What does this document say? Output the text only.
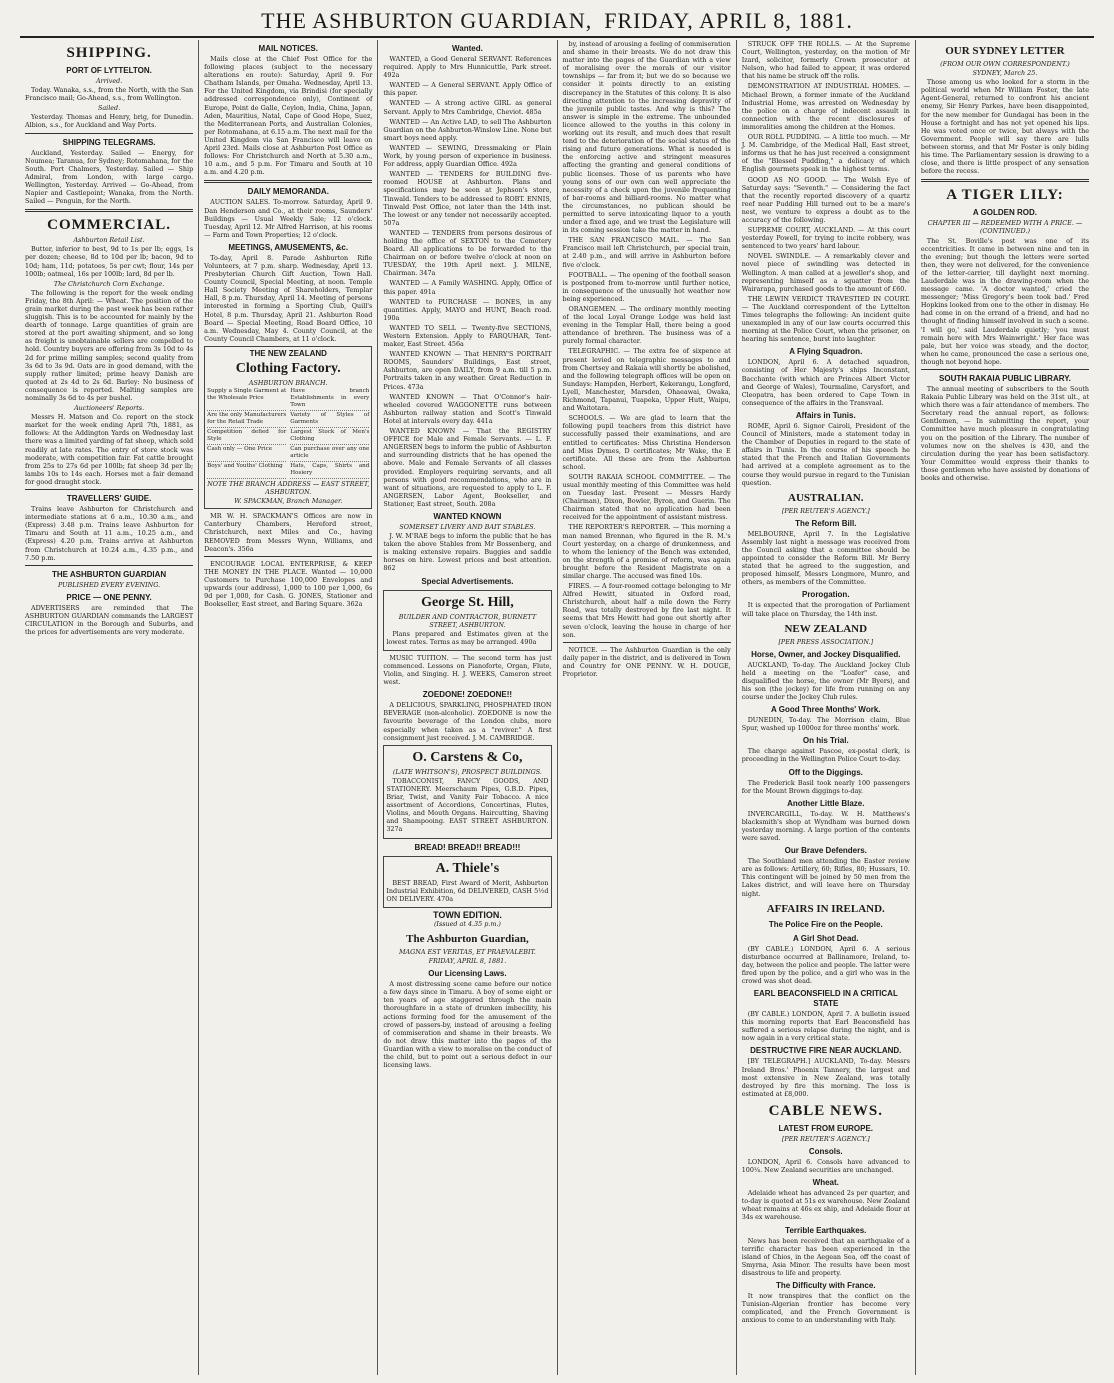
THE ASHBURTON GUARDIAN, FRIDAY, APRIL 8, 1881.
SHIPPING.
PORT OF LYTTELTON.
Arrived.

Today. Wanaka, s.s., from the North, with the San Francisco mail; Go-Ahead, s.s., from Wellington.

Sailed.

Yesterday. Thomas and Henry, brig, for Dunedin. Albion, s.s., for Auckland and Way Ports.

SHIPPING TELEGRAMS.

Auckland, Yesterday. Sailed — Energy, for Noumea; Taranua, for Sydney; Rotomahana, for the South. Port Chalmers, Yesterday. Sailed — Ship Admiral, from London, with large cargo. Wellington, Yesterday. Arrived — Go-Ahead, from Napier and Castlepoint; Wanaka, from the North. Sailed — Penguin, for the North.

COMMERCIAL.
Ashburton Retail List.

Butter, inferior to best, 9d to 1s per lb; eggs, 1s per dozen; cheese, 8d to 10d per lb; bacon, 9d to 10d; ham, 11d; potatoes, 5s per cwt; flour, 14s per 100lb; oatmeal, 16s per 100lb; lard, 8d per lb.

The Christchurch Corn Exchange.

The following is the report for the week ending Friday, the 8th April: — Wheat. The position of the grain market during the past week has been rather sluggish. This is to be accounted for mainly by the dearth of tonnage. Large quantities of grain are stored at the port awaiting shipment, and so long as freight is unobtainable sellers are compelled to hold. Country buyers are offering from 3s 10d to 4s 2d for prime milling samples; second quality from 3s 6d to 3s 9d. Oats are in good demand, with the supply rather limited; prime heavy Danish are quoted at 2s 4d to 2s 6d. Barley: No business of consequence is reported. Malting samples are nominally 3s 6d to 4s per bushel.

Auctioneers' Reports.

Messrs H. Matson and Co. report on the stock market for the week ending April 7th, 1881, as follows: At the Addington Yards on Wednesday last there was a limited yarding of fat sheep, which sold readily at late rates. The entry of store stock was moderate, with competition fair. Fat cattle brought from 25s to 27s 6d per 100lb; fat sheep 3d per lb; lambs 10s to 14s each. Horses met a fair demand for good draught stock.

TRAVELLERS' GUIDE.

Trains leave Ashburton for Christchurch and intermediate stations at 6 a.m., 10.30 a.m., and (Express) 3.48 p.m. Trains leave Ashburton for Timaru and South at 11 a.m., 10.25 a.m., and (Express) 4.20 p.m. Trains arrive at Ashburton from Christchurch at 10.24 a.m., 4.35 p.m., and 7.50 p.m.

THE ASHBURTON GUARDIAN
PUBLISHED EVERY EVENING.
PRICE — ONE PENNY.

ADVERTISERS are reminded that The ASHBURTON GUARDIAN commands the LARGEST CIRCULATION in the Borough and Suburbs, and the prices for advertisements are very moderate.

MAIL NOTICES.

Mails close at the Chief Post Office for the following places (subject to the necessary alterations en route): Saturday, April 9. For Chatham Islands, per Omaha. Wednesday, April 13. For the United Kingdom, via Brindisi (for specially addressed correspondence only), Continent of Europe, Point de Galle, Ceylon, India, China, Japan, Aden, Mauritius, Natal, Cape of Good Hope, Suez, the Mediterranean Ports, and Australian Colonies, per Rotomahana, at 6.15 a.m. The next mail for the United Kingdom via San Francisco will leave on April 23rd. Mails close at Ashburton Post Office as follows: For Christchurch and North at 5.30 a.m., 10 a.m., and 5 p.m. For Timaru and South at 10 a.m. and 4.20 p.m.

DAILY MEMORANDA.

AUCTION SALES. To-morrow. Saturday, April 9. Dan Henderson and Co., at their rooms, Saunders' Buildings — Usual Weekly Sale; 12 o'clock. Tuesday, April 12. Mr Alfred Harrison, at his rooms — Farm and Town Properties; 12 o'clock.

MEETINGS, AMUSEMENTS, &c.

To-day, April 8. Parade Ashburton Rifle Volunteers, at 7 p.m. sharp. Wednesday, April 13. Presbyterian Church Gift Auction, Town Hall. County Council, Special Meeting, at noon. Temple Hall Society Meeting of Shareholders, Templar Hall, 8 p.m. Thursday, April 14. Meeting of persons interested in forming a Sporting Club, Quill's Hotel, 8 p.m. Thursday, April 21. Ashburton Road Board — Special Meeting, Road Board Office, 10 a.m. Wednesday, May 4. County Council, at the County Council Chambers, at 11 o'clock.

THE NEW ZEALAND
Clothing Factory.
ASHBURTON BRANCH.
Supply a Single Garment at the Wholesale Price
Have branch Establishments in every Town
Are the only Manufacturers for the Retail Trade
Variety of Styles of Garments
Competition defied for Style
Largest Stock of Men's Clothing
Cash only — One Price	Can purchase over any one article
Boys' and Youths' Clothing	Hats, Caps, Shirts and Hosiery
NOTE THE BRANCH ADDRESS — EAST STREET, ASHBURTON.
W. SPACKMAN, Branch Manager.

MR W. H. SPACKMAN'S Offices are now in Canterbury Chambers, Hereford street, Christchurch, next Miles and Co., having REMOVED from Messrs Wynn, Williams, and Deacon's. 356a

ENCOURAGE LOCAL ENTERPRISE, & KEEP THE MONEY IN THE PLACE. Wanted — 10,000 Customers to Purchase 100,000 Envelopes and upwards (our address), 1,000 to 100 per 1,000, 6s 9d per 1,000, for Cash. G. JONES, Stationer and Bookseller, East street, and Baring Square. 362a

Wanted.

WANTED, a Good General SERVANT. References required. Apply to Mrs Hunnicuttle, Park street. 492a

WANTED — A General SERVANT. Apply Office of this paper.

WANTED — A strong active GIRL as general Servant. Apply to Mrs Cambridge, Cheviot. 485a

WANTED — An Active LAD, to sell The Ashburton Guardian on the Ashburton-Winslow Line. None but smart boys need apply.

WANTED — SEWING, Dressmaking or Plain Work, by young person of experience in business. For address, apply Guardian Office. 492a

WANTED — TENDERS for BUILDING five-roomed HOUSE at Ashburton. Plans and specifications may be seen at Jephson's store, Tinwald. Tenders to be addressed to ROBT. ENNIS, Tinwald Post Office, not later than the 14th inst. The lowest or any tender not necessarily accepted. 507a

WANTED — TENDERS from persons desirous of holding the office of SEXTON to the Cemetery Board. All applications to be forwarded to the Chairman on or before twelve o'clock at noon on TUESDAY, the 19th April next. J. MILNE, Chairman. 347a

WANTED — A Family WASHING. Apply, Office of this paper. 491a

WANTED to PURCHASE — BONES, in any quantities. Apply, MAYO and HUNT, Beach road. 190a

WANTED TO SELL — Twenty-five SECTIONS, Western Extension. Apply to FARQUHAR, Tent-maker, East Street. 456a

WANTED KNOWN — That HENRY'S PORTRAIT ROOMS, Saunders' Buildings, East street, Ashburton, are open DAILY, from 9 a.m. till 5 p.m. Portraits taken in any weather. Great Reduction in Prices. 473a

WANTED KNOWN — That O'Connor's hair-wheeled covered WAGGONETTE runs between Ashburton railway station and Scott's Tinwald Hotel at intervals every day. 441a

WANTED KNOWN — That the REGISTRY OFFICE for Male and Female Servants. — L. F. ANGERSEN begs to inform the public of Ashburton and surrounding districts that he has opened the above. Male and Female Servants of all classes provided. Employers requiring servants, and all persons with good recommendations, who are in want of situations, are requested to apply to L. F. ANGERSEN, Labor Agent, Bookseller, and Stationer, East street, South. 208a

WANTED KNOWN
SOMERSET LIVERY AND BAIT STABLES.

J. W. M'RAE begs to inform the public that he has taken the above Stables from Mr Bossenberg, and is making extensive repairs. Buggies and saddle horses on hire. Lowest prices and best attention. 862

Special Advertisements.
George St. Hill,
BUILDER AND CONTRACTOR, BURNETT STREET, ASHBURTON.

Plans prepared and Estimates given at the lowest rates. Terms as may be arranged. 490a

MUSIC TUITION. — The second term has just commenced. Lessons on Pianoforte, Organ, Flute, Violin, and Singing. H. J. WEEKS, Cameron street west.

ZOEDONE! ZOEDONE!!

A DELICIOUS, SPARKLING, PHOSPHATED IRON BEVERAGE (non-alcoholic). ZOEDONE is now the favourite beverage of the London clubs, more especially when taken as a "reviver." A first consignment just received. J. M. CAMBRIDGE.

O. Carstens & Co,
(LATE WHITSON'S), PROSPECT BUILDINGS.

TOBACCONIST, FANCY GOODS, AND STATIONERY. Meerschaum Pipes, G.B.D. Pipes, Briar, Twist, and Vanity Fair Tobacco. A nice assortment of Accordions, Concertinas, Flutes, Violins, and Mouth Organs. Haircutting, Shaving and Shampooing. EAST STREET ASHBURTON. 327a

BREAD! BREAD!! BREAD!!!
A. Thiele's

BEST BREAD, First Award of Merit, Ashburton Industrial Exhibition, 6d DELIVERED, CASH 5½d ON DELIVERY. 470a

TOWN EDITION.
(Issued at 4.35 p.m.)
The Ashburton Guardian,
MAGNA EST VERITAS, ET PRAEVALEBIT.
FRIDAY, APRIL 8, 1881.
Our Licensing Laws.

A most distressing scene came before our notice a few days since in Timaru. A boy of some eight or ten years of age staggered through the main thoroughfare in a state of drunken imbecility, his actions forming food for the amusement of the crowd of passers-by, instead of arousing a feeling of commiseration and shame in their breasts. We do not draw this matter into the pages of the Guardian with a view to moralise on the conduct of the child, but to point out a serious defect in our licensing laws.

by, instead of arousing a feeling of commiseration and shame in their breasts. We do not draw this matter into the pages of the Guardian with a view of moralising over the morals of our visitor townships — far from it; but we do so because we consider it points directly to an existing discrepancy in the Statutes of this colony. It is also directing attention to the increasing depravity of the juvenile public tastes. And why is this? The answer is simple in the extreme. The unbounded licence allowed to the youths in this colony in working out its result, and much does that result tend to the deterioration of the social status of the rising and future generations. What is needed is the enforcing active and stringent measures affecting the granting and general conditions of public licenses. Those of us parents who have young sons of our own can well appreciate the necessity of a check upon the juvenile frequenting of bar-rooms and billiard-rooms. No matter what the circumstances, no publican should be permitted to serve intoxicating liquor to a youth under a fixed age, and we trust the Legislature will in its coming session take the matter in hand.

THE SAN FRANCISCO MAIL. — The San Francisco mail left Christchurch, per special train, at 2.40 p.m., and will arrive in Ashburton before five o'clock.

FOOTBALL. — The opening of the football season is postponed from to-morrow until further notice, in consequence of the unusually hot weather now being experienced.

ORANGEMEN. — The ordinary monthly meeting of the local Loyal Orange Lodge was held last evening in the Templar Hall, there being a good attendance of brethren. The business was of a purely formal character.

TELEGRAPHIC. — The extra fee of sixpence at present levied on telegraphic messages to and from Chertsey and Rakaia will shortly be abolished, and the following telegraph offices will be open on Sundays: Hampden, Herbert, Kekerangu, Longford, Lyell, Manchester, Marsden, Ohaeawai, Owaka, Richmond, Tapanui, Tuapeka, Upper Hutt, Waipu, and Waitotara.

SCHOOLS. — We are glad to learn that the following pupil teachers from this district have successfully passed their examinations, and are entitled to certificates: Miss Christina Henderson and Miss Dymes, D certificates; Mr Wake, the E certificate. All these are from the Ashburton school.

SOUTH RAKAIA SCHOOL COMMITTEE. — The usual monthly meeting of this Committee was held on Tuesday last. Present — Messrs Hardy (Chairman), Dixon, Bowler, Byron, and Guerin. The Chairman stated that no application had been received for the appointment of assistant mistress.

THE REPORTER'S REPORTER. — This morning a man named Brennan, who figured in the R. M.'s Court yesterday, on a charge of drunkenness, and to whom the leniency of the Bench was extended, on the strength of a promise of reform, was again brought before the Resident Magistrate on a similar charge. The accused was fined 10s.

FIRES. — A four-roomed cottage belonging to Mr Alfred Hewitt, situated in Oxford road, Christchurch, about half a mile down the Ferry Road, was totally destroyed by fire last night. It seems that Mrs Hewitt had gone out shortly after seven o'clock, leaving the house in charge of her son.

NOTICE. — The Ashburton Guardian is the only daily paper in the district, and is delivered in Town and Country for ONE PENNY. W. H. DOUGE, Proprietor.

STRUCK OFF THE ROLLS. — At the Supreme Court, Wellington, yesterday, on the motion of Mr Izard, solicitor, formerly Crown prosecutor at Nelson, who had failed to appear, it was ordered that his name be struck off the rolls.

DEMONSTRATION AT INDUSTRIAL HOMES. — Michael Brown, a former inmate of the Auckland Industrial Home, was arrested on Wednesday by the police on a charge of indecent assault in connection with the recent disclosures of immoralities among the children at the Homes.

OUR ROLL PUDDING. — A little too much. — Mr J. M. Cambridge, of the Medical Hall, East street, informs us that he has just received a consignment of the "Blessed Pudding," a delicacy of which English gourmets speak in the highest terms.

GOOD AS NO GOOD. — The Welsh Eye of Saturday says: "Seventh." — Considering the fact that the recently reported discovery of a quartz reef near Pudding Hill turned out to be a mare's nest, we venture to express a doubt as to the accuracy of the following.

SUPREME COURT, AUCKLAND. — At this court yesterday Powell, for trying to incite robbery, was sentenced to two years' hard labour.

NOVEL SWINDLE. — A remarkably clever and novel piece of swindling was detected in Wellington. A man called at a jeweller's shop, and representing himself as a squatter from the Wairarapa, purchased goods to the amount of £60.

THE LEWIN VERDICT TRAVESTIED IN COURT. — The Auckland correspondent of the Lyttelton Times telegraphs the following: An incident quite unexampled in any of our law courts occurred this morning at the Police Court, when the prisoner, on hearing his sentence, burst into laughter.

A Flying Squadron.

LONDON, April 6. A detached squadron, consisting of Her Majesty's ships Inconstant, Bacchante (with which are Princes Albert Victor and George of Wales), Tourmaline, Carysfort, and Cleopatra, has been ordered to Cape Town in consequence of the affairs in the Transvaal.

Affairs in Tunis.

ROME, April 6. Signor Cairoli, President of the Council of Ministers, made a statement today in the Chamber of Deputies in regard to the state of affairs in Tunis. In the course of his speech he stated that the French and Italian Governments had arrived at a complete agreement as to the course they would pursue in regard to the Tunisian question.

AUSTRALIAN.
[PER REUTER'S AGENCY.]
The Reform Bill.

MELBOURNE, April 7. In the Legislative Assembly last night a message was received from the Council asking that a committee should be appointed to consider the Reform Bill. Mr Berry stated that he agreed to the suggestion, and proposed himself, Messrs Longmore, Munro, and others, as members of the Committee.

Prorogation.

It is expected that the prorogation of Parliament will take place on Thursday, the 14th inst.

NEW ZEALAND
[PER PRESS ASSOCIATION.]
Horse, Owner, and Jockey Disqualified.

AUCKLAND, To-day. The Auckland Jockey Club held a meeting on the "Loafer" case, and disqualified the horse, the owner (Mr Byers), and his son (the jockey) for life from running on any course under the Jockey Club rules.

A Good Three Months' Work.

DUNEDIN, To-day. The Morrison claim, Blue Spur, washed up 1000oz for three months' work.

On his Trial.

The charge against Pascoe, ex-postal clerk, is proceeding in the Wellington Police Court to-day.

Off to the Diggings.

The Frederick Basil took nearly 100 passengers for the Mount Brown diggings to-day.

Another Little Blaze.

INVERCARGILL, To-day. W. H. Matthews's blacksmith's shop at Wyndham was burned down yesterday morning. A large portion of the contents were saved.

Our Brave Defenders.

The Southland men attending the Easter review are as follows: Artillery, 60; Rifles, 80; Hussars, 10. This contingent will be joined by 50 men from the Lakes district, and will leave here on Thursday night.

AFFAIRS IN IRELAND.
The Police Fire on the People.
A Girl Shot Dead.

(BY CABLE.) LONDON, April 6. A serious disturbance occurred at Ballinamore, Ireland, to-day, between the police and people. The latter were fired upon by the police, and a girl who was in the crowd was shot dead.

EARL BEACONSFIELD IN A CRITICAL STATE

(BY CABLE.) LONDON, April 7. A bulletin issued this morning reports that Earl Beaconsfield has suffered a serious relapse during the night, and is now again in a very critical state.

DESTRUCTIVE FIRE NEAR AUCKLAND.

[BY TELEGRAPH.] AUCKLAND, To-day. Messrs Ireland Bros.' Phoenix Tannery, the largest and most extensive in New Zealand, was totally destroyed by fire this morning. The loss is estimated at £8,000.

CABLE NEWS.
LATEST FROM EUROPE.
[PER REUTER'S AGENCY.]
Consols.

LONDON, April 6. Consols have advanced to 100¼. New Zealand securities are unchanged.

Wheat.

Adelaide wheat has advanced 2s per quarter, and to-day is quoted at 51s ex warehouse. New Zealand wheat remains at 46s ex ship, and Adelaide flour at 34s ex warehouse.

Terrible Earthquakes.

News has been received that an earthquake of a terrific character has been experienced in the island of Chios, in the Aegean Sea, off the coast of Smyrna, Asia Minor. The results have been most disastrous to life and property.

The Difficulty with France.

It now transpires that the conflict on the Tunisian-Algerian frontier has become very complicated, and the French Government is anxious to come to an understanding with Italy.

OUR SYDNEY LETTER
(FROM OUR OWN CORRESPONDENT.)
SYDNEY, March 25.

Those among us who looked for a storm in the political world when Mr William Foster, the late Agent-General, returned to confront his ancient enemy, Sir Henry Parkes, have been disappointed, for the new member for Gundagai has been in the House a fortnight and has not yet opened his lips. He was voted once or twice, but always with the Government. People will say there are lulls between storms, and that Mr Foster is only biding his time. The Parliamentary session is drawing to a close, and there is little prospect of any sensation before the recess.

A TIGER LILY:
A GOLDEN ROD.
CHAPTER III — REDEEMED WITH A PRICE. — (CONTINUED.)

The St. Boville's post was one of its eccentricities. It came in between nine and ten in the evening; but though the letters were sorted then, they were not delivered, for the convenience of the letter-carrier, till daylight next morning. Lauderdale was in the drawing-room when the message came. 'A doctor wanted,' cried the messenger; 'Miss Gregory's been took bad.' Fred Hopkins looked from one to the other in dismay. He had come in on the errand of a friend, and had no thought of finding himself involved in such a scene. 'I will go,' said Lauderdale quietly; 'you must remain here with Mrs Wainwright.' Her face was pale, but her voice was steady, and the doctor, when he came, pronounced the case a serious one, though not beyond hope.

SOUTH RAKAIA PUBLIC LIBRARY.

The annual meeting of subscribers to the South Rakaia Public Library was held on the 31st ult., at which there was a fair attendance of members. The Secretary read the annual report, as follows: Gentlemen, — In submitting the report, your Committee have much pleasure in congratulating you on the position of the Library. The number of volumes now on the shelves is 430, and the circulation during the year has been satisfactory. Your Committee would express their thanks to those gentlemen who have assisted by donations of books and otherwise.
